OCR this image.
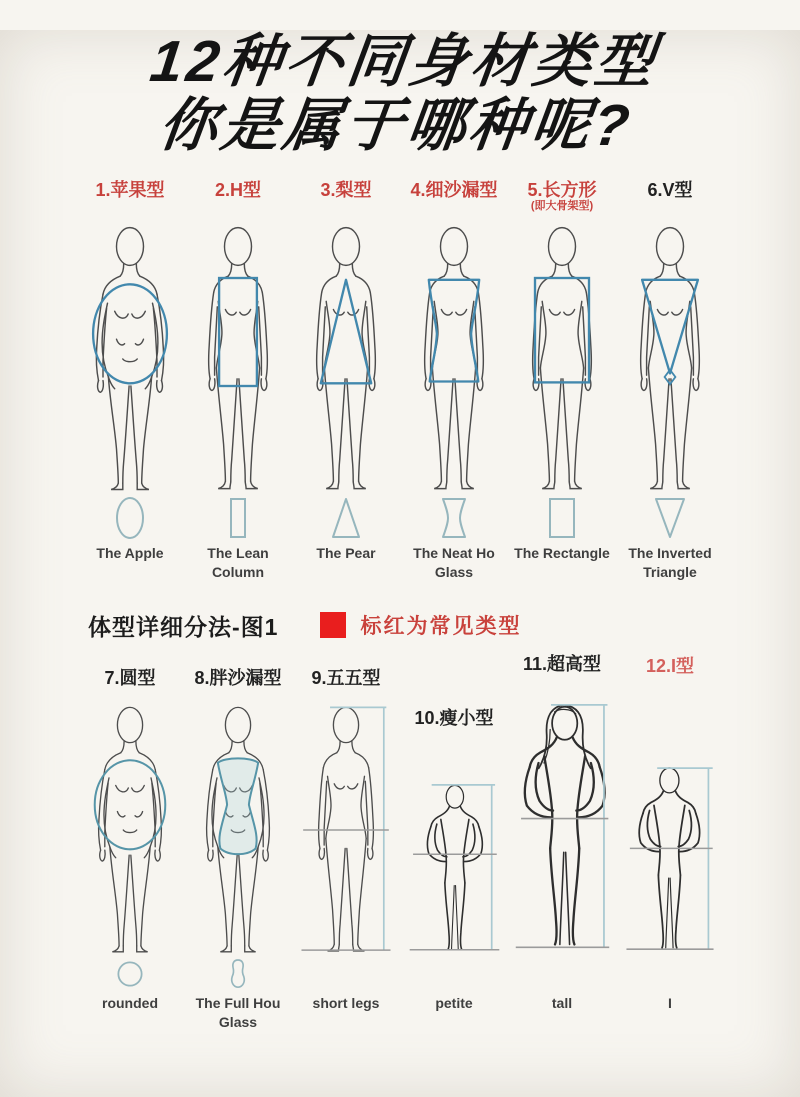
12种不同身材类型
你是属于哪种呢?
1.苹果型
The Apple

2.H型
The Lean
Column
3.梨型
The Pear

4.细沙漏型
The Neat Ho
Glass
5.长方形
(即大骨架型)
The Rectangle

6.V型
The Inverted
Triangle
体型详细分法-图1	标红为常见类型
7.圆型	8.胖沙漏型	9.五五型
10.瘦小型
11.超高型	12.I型
rounded	The Full Hou
Glass
short legs	petite	tall	I
